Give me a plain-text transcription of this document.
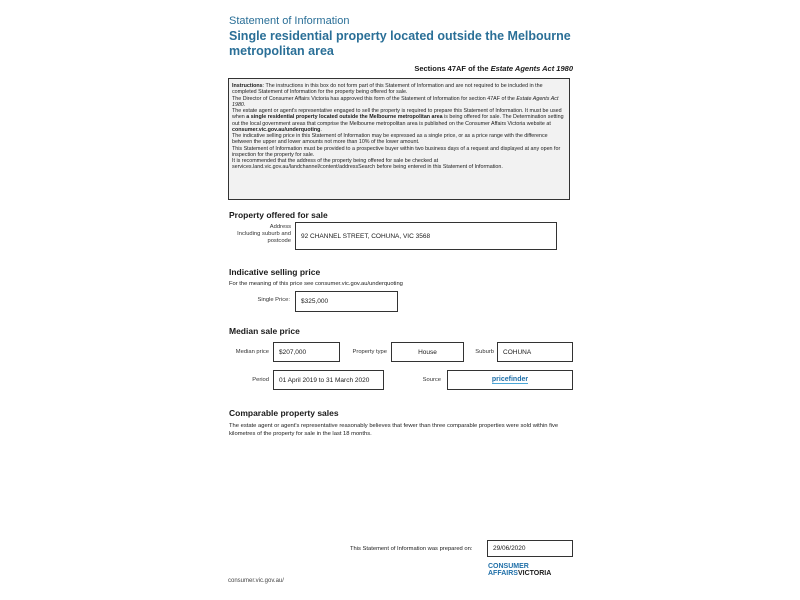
Statement of Information
Single residential property located outside the Melbourne metropolitan area
Sections 47AF of the Estate Agents Act 1980

Instructions: The instructions in this box do not form part of this Statement of Information and are not required to be included in the completed Statement of Information for the property being offered for sale.

The Director of Consumer Affairs Victoria has approved this form of the Statement of Information for section 47AF of the Estate Agents Act 1980.

The estate agent or agent's representative engaged to sell the property is required to prepare this Statement of Information. It must be used when a single residential property located outside the Melbourne metropolitan area is being offered for sale. The Determination setting out the local government areas that comprise the Melbourne metropolitan area is published on the Consumer Affairs Victoria website at consumer.vic.gov.au/underquoting.

The indicative selling price in this Statement of Information may be expressed as a single price, or as a price range with the difference between the upper and lower amounts not more than 10% of the lower amount.

This Statement of Information must be provided to a prospective buyer within two business days of a request and displayed at any open for inspection for the property for sale.

It is recommended that the address of the property being offered for sale be checked at services.land.vic.gov.au/landchannel/content/addressSearch before being entered in this Statement of Information.

Property offered for sale
Address
Including suburb and postcode
92 CHANNEL STREET, COHUNA, VIC 3568
Indicative selling price
For the meaning of this price see consumer.vic.gov.au/underquoting
Single Price:	$325,000
Median sale price
Median price	$207,000	Property type	House	Suburb	COHUNA
Period	01 April 2019 to 31 March 2020	Source	pricefinder
Comparable property sales
The estate agent or agent's representative reasonably believes that fewer than three comparable properties were sold within five kilometres of the property for sale in the last 18 months.
This Statement of Information was prepared on:	29/06/2020
consumer.vic.gov.au/
CONSUMER
AFFAIRSVICTORIA
